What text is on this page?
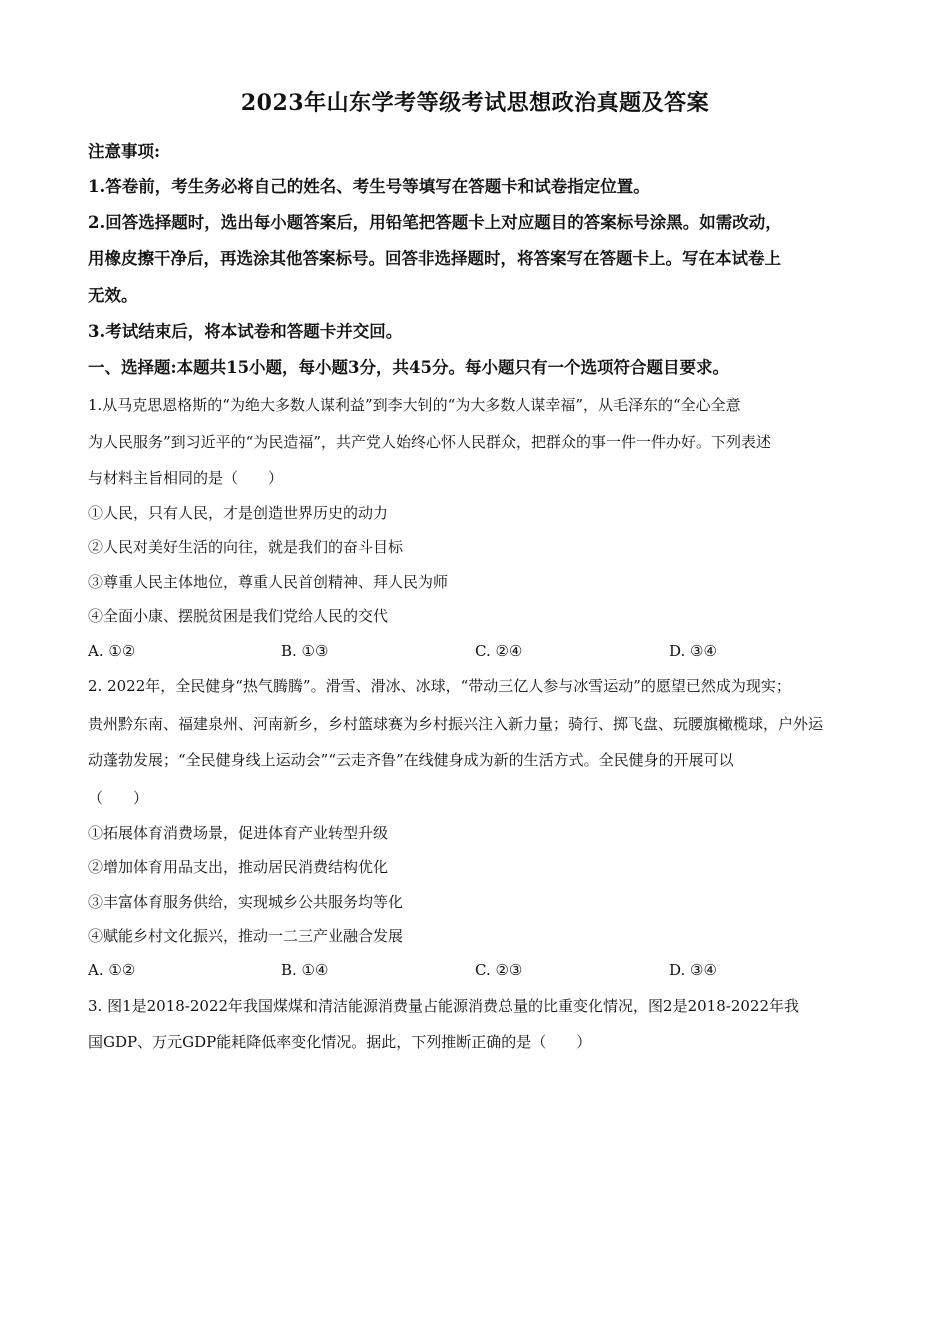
2023年山东学考等级考试思想政治真题及答案
注意事项:
1.答卷前，考生务必将自己的姓名、考生号等填写在答题卡和试卷指定位置。
2.回答选择题时，选出每小题答案后，用铅笔把答题卡上对应题目的答案标号涂黑。如需改动，
用橡皮擦干净后，再选涂其他答案标号。回答非选择题时，将答案写在答题卡上。写在本试卷上
无效。
3.考试结束后，将本试卷和答题卡并交回。
一、选择题:本题共15小题，每小题3分，共45分。每小题只有一个选项符合题目要求。
1.从马克思恩格斯的“为绝大多数人谋利益”到李大钊的“为大多数人谋幸福”，从毛泽东的“全心全意
为人民服务”到习近平的“为民造福”，共产党人始终心怀人民群众，把群众的事一件一件办好。下列表述
与材料主旨相同的是（　　）
①人民，只有人民，才是创造世界历史的动力
②人民对美好生活的向往，就是我们的奋斗目标
③尊重人民主体地位，尊重人民首创精神、拜人民为师
④全面小康、摆脱贫困是我们党给人民的交代
A. ①②	B. ①③	C. ②④	D. ③④
2. 2022年，全民健身“热气腾腾”。滑雪、滑冰、冰球，“带动三亿人参与冰雪运动”的愿望已然成为现实；
贵州黔东南、福建泉州、河南新乡，乡村篮球赛为乡村振兴注入新力量；骑行、掷飞盘、玩腰旗橄榄球，户外运
动蓬勃发展；“全民健身线上运动会”“云走齐鲁”在线健身成为新的生活方式。全民健身的开展可以
（　　）
①拓展体育消费场景，促进体育产业转型升级
②增加体育用品支出，推动居民消费结构优化
③丰富体育服务供给，实现城乡公共服务均等化
④赋能乡村文化振兴，推动一二三产业融合发展
A. ①②	B. ①④	C. ②③	D. ③④
3. 图1是2018-2022年我国煤煤和清洁能源消费量占能源消费总量的比重变化情况，图2是2018-2022年我
国GDP、万元GDP能耗降低率变化情况。据此，下列推断正确的是（　　）
